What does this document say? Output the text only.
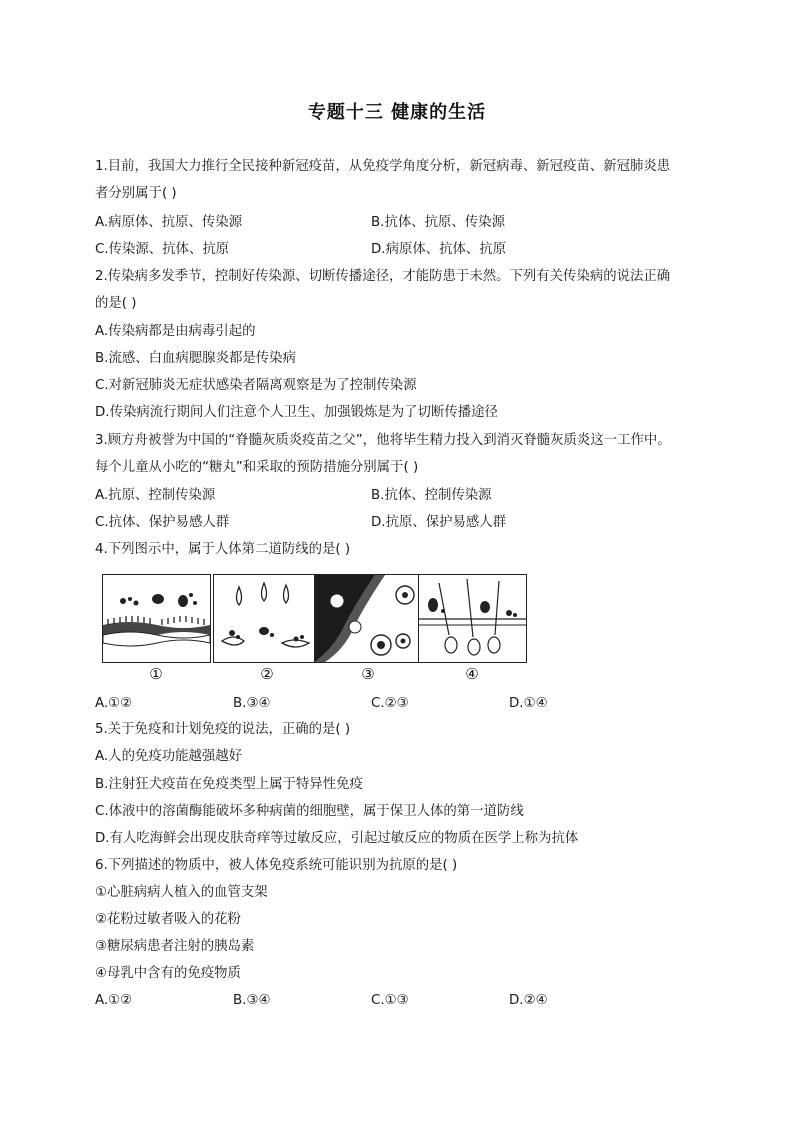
专题十三 健康的生活
1.目前，我国大力推行全民接种新冠疫苗，从免疫学角度分析，新冠病毒、新冠疫苗、新冠肺炎患
者分别属于( )
A.病原体、抗原、传染源	B.抗体、抗原、传染源
C.传染源、抗体、抗原	D.病原体、抗体、抗原
2.传染病多发季节，控制好传染源、切断传播途径，才能防患于未然。下列有关传染病的说法正确
的是( )
A.传染病都是由病毒引起的
B.流感、白血病腮腺炎都是传染病
C.对新冠肺炎无症状感染者隔离观察是为了控制传染源
D.传染病流行期间人们注意个人卫生、加强锻炼是为了切断传播途径
3.顾方舟被誉为中国的“脊髓灰质炎疫苗之父”，他将毕生精力投入到消灭脊髓灰质炎这一工作中。
每个儿童从小吃的“糖丸”和采取的预防措施分别属于( )
A.抗原、控制传染源	B.抗体、控制传染源
C.抗体、保护易感人群	D.抗原、保护易感人群
4.下列图示中，属于人体第二道防线的是( )
①	②	③	④
A.①②	B.③④	C.②③	D.①④
5.关于免疫和计划免疫的说法，正确的是( )
A.人的免疫功能越强越好
B.注射狂犬疫苗在免疫类型上属于特异性免疫
C.体液中的溶菌酶能破坏多种病菌的细胞壁，属于保卫人体的第一道防线
D.有人吃海鲜会出现皮肤奇痒等过敏反应，引起过敏反应的物质在医学上称为抗体
6.下列描述的物质中，被人体免疫系统可能识别为抗原的是( )
①心脏病病人植入的血管支架
②花粉过敏者吸入的花粉
③糖尿病患者注射的胰岛素
④母乳中含有的免疫物质
A.①②	B.③④	C.①③	D.②④
